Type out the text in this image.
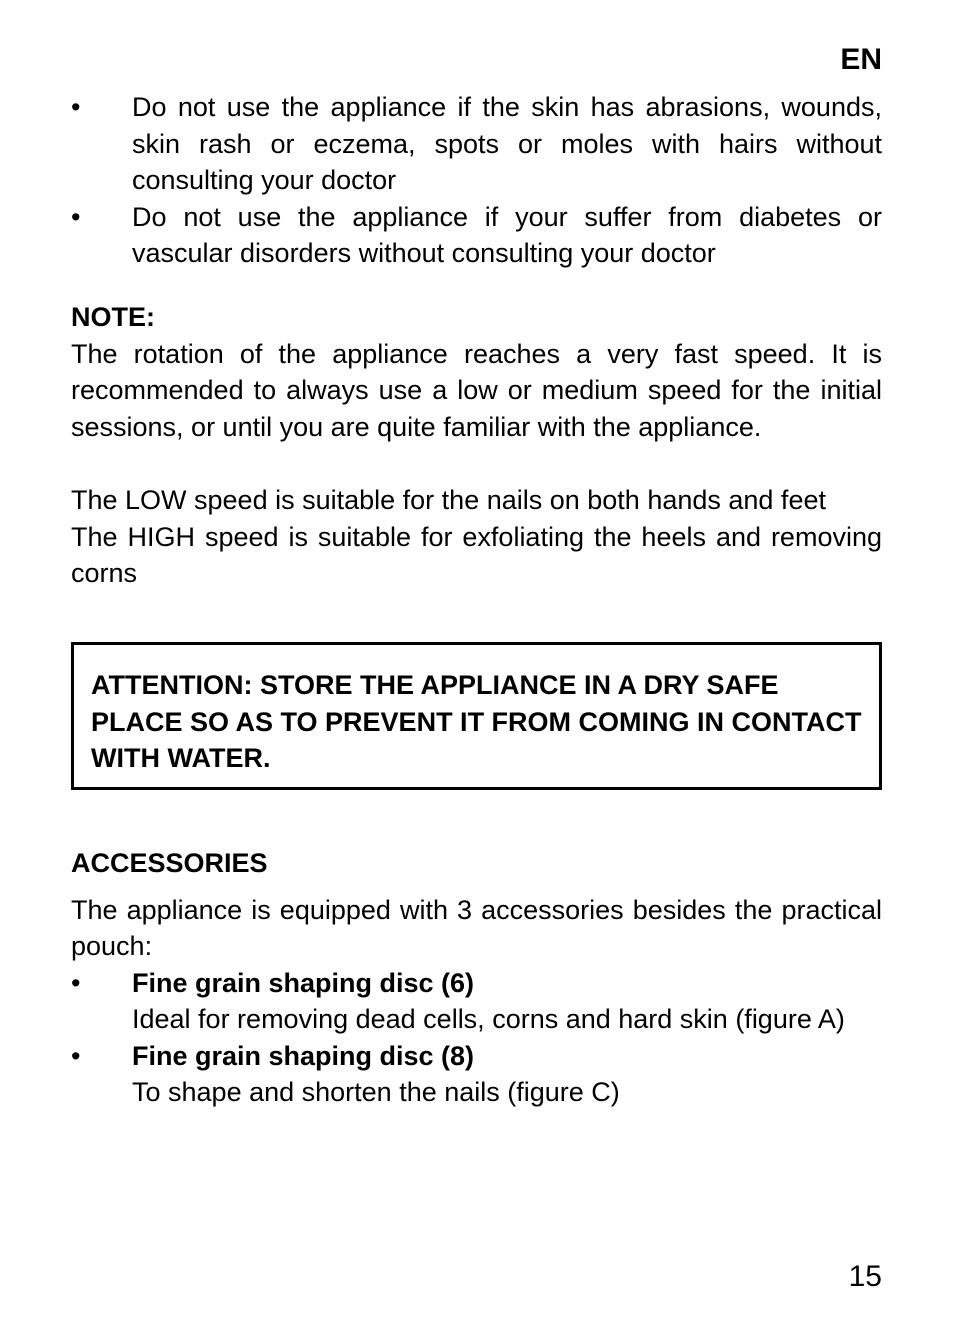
EN
• Do not use the appliance if the skin has abrasions, wounds, skin rash or eczema, spots or moles with hairs without consulting your doctor
• Do not use the appliance if your suffer from diabetes or vascular disorders without consulting your doctor

NOTE:

The rotation of the appliance reaches a very fast speed. It is recommended to always use a low or medium speed for the initial sessions, or until you are quite familiar with the appliance.

The LOW speed is suitable for the nails on both hands and feet

The HIGH speed is suitable for exfoliating the heels and removing corns

ATTENTION: STORE THE APPLIANCE IN A DRY SAFE PLACE SO AS TO PREVENT IT FROM COMING IN CONTACT WITH WATER.

ACCESSORIES

The appliance is equipped with 3 accessories besides the practical pouch:

• Fine grain shaping disc (6)
Ideal for removing dead cells, corns and hard skin (figure A)
• Fine grain shaping disc (8)
To shape and shorten the nails (figure C)
15
